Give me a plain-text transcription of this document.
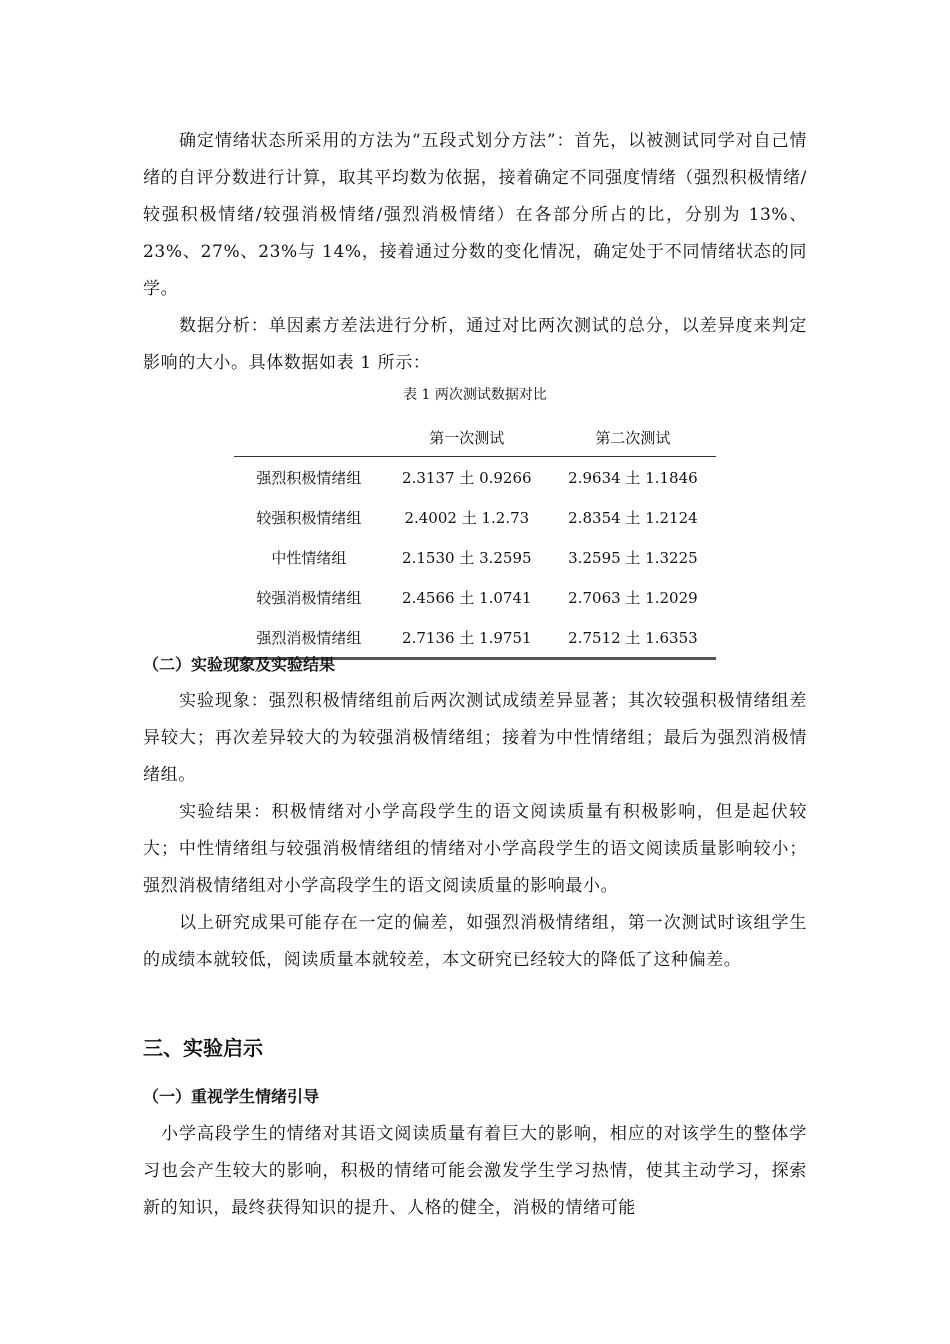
确定情绪状态所采用的方法为“五段式划分方法”：首先，以被测试同学对自己情绪的自评分数进行计算，取其平均数为依据，接着确定不同强度情绪（强烈积极情绪/较强积极情绪/较强消极情绪/强烈消极情绪）在各部分所占的比，分别为 13%、23%、27%、23%与 14%，接着通过分数的变化情况，确定处于不同情绪状态的同学。

数据分析：单因素方差法进行分析，通过对比两次测试的总分，以差异度来判定影响的大小。具体数据如表 1 所示：

表 1 两次测试数据对比
	第一次测试	第二次测试
强烈积极情绪组	2.3137 土 0.9266	2.9634 土 1.1846
较强积极情绪组	2.4002 土 1.2.73	2.8354 土 1.2124
中性情绪组	2.1530 土 3.2595	3.2595 土 1.3225
较强消极情绪组	2.4566 土 1.0741	2.7063 土 1.2029
强烈消极情绪组	2.7136 土 1.9751	2.7512 土 1.6353
（二）实验现象及实验结果

实验现象：强烈积极情绪组前后两次测试成绩差异显著；其次较强积极情绪组差异较大；再次差异较大的为较强消极情绪组；接着为中性情绪组；最后为强烈消极情绪组。

实验结果：积极情绪对小学高段学生的语文阅读质量有积极影响，但是起伏较大；中性情绪组与较强消极情绪组的情绪对小学高段学生的语文阅读质量影响较小；强烈消极情绪组对小学高段学生的语文阅读质量的影响最小。

以上研究成果可能存在一定的偏差，如强烈消极情绪组，第一次测试时该组学生的成绩本就较低，阅读质量本就较差，本文研究已经较大的降低了这种偏差。

三、实验启示
（一）重视学生情绪引导

小学高段学生的情绪对其语文阅读质量有着巨大的影响，相应的对该学生的整体学习也会产生较大的影响，积极的情绪可能会激发学生学习热情，使其主动学习，探索新的知识，最终获得知识的提升、人格的健全，消极的情绪可能
